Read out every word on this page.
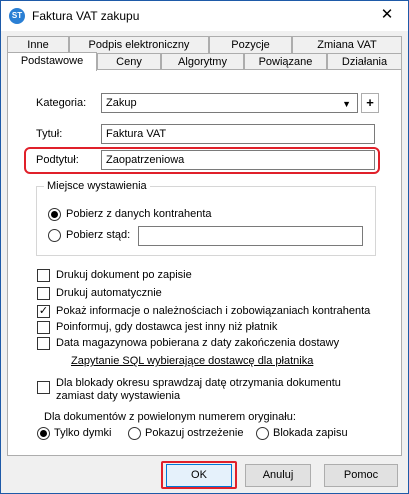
ST Faktura VAT zakupu	✕
Inne	Podpis elektroniczny	Pozycje	Zmiana VAT
Podstawowe	Ceny	Algorytmy	Powiązane	Działania
Kategoria:	Zakup	▼	+
Tytuł:	Faktura VAT
Podtytuł:	Zaopatrzeniowa
Miejsce wystawienia
Pobierz z danych kontrahenta
Pobierz stąd:
Drukuj dokument po zapisie
Drukuj automatycznie
✓ Pokaż informacje o należnościach i zobowiązaniach kontrahenta
Poinformuj, gdy dostawca jest inny niż płatnik
Data magazynowa pobierana z daty zakończenia dostawy
Zapytanie SQL wybierające dostawcę dla płatnika
Dla blokady okresu sprawdzaj datę otrzymania dokumentu
zamiast daty wystawienia
Dla dokumentów z powielonym numerem oryginału:
Tylko dymki	Pokazuj ostrzeżenie	Blokada zapisu
OK	Anuluj	Pomoc
